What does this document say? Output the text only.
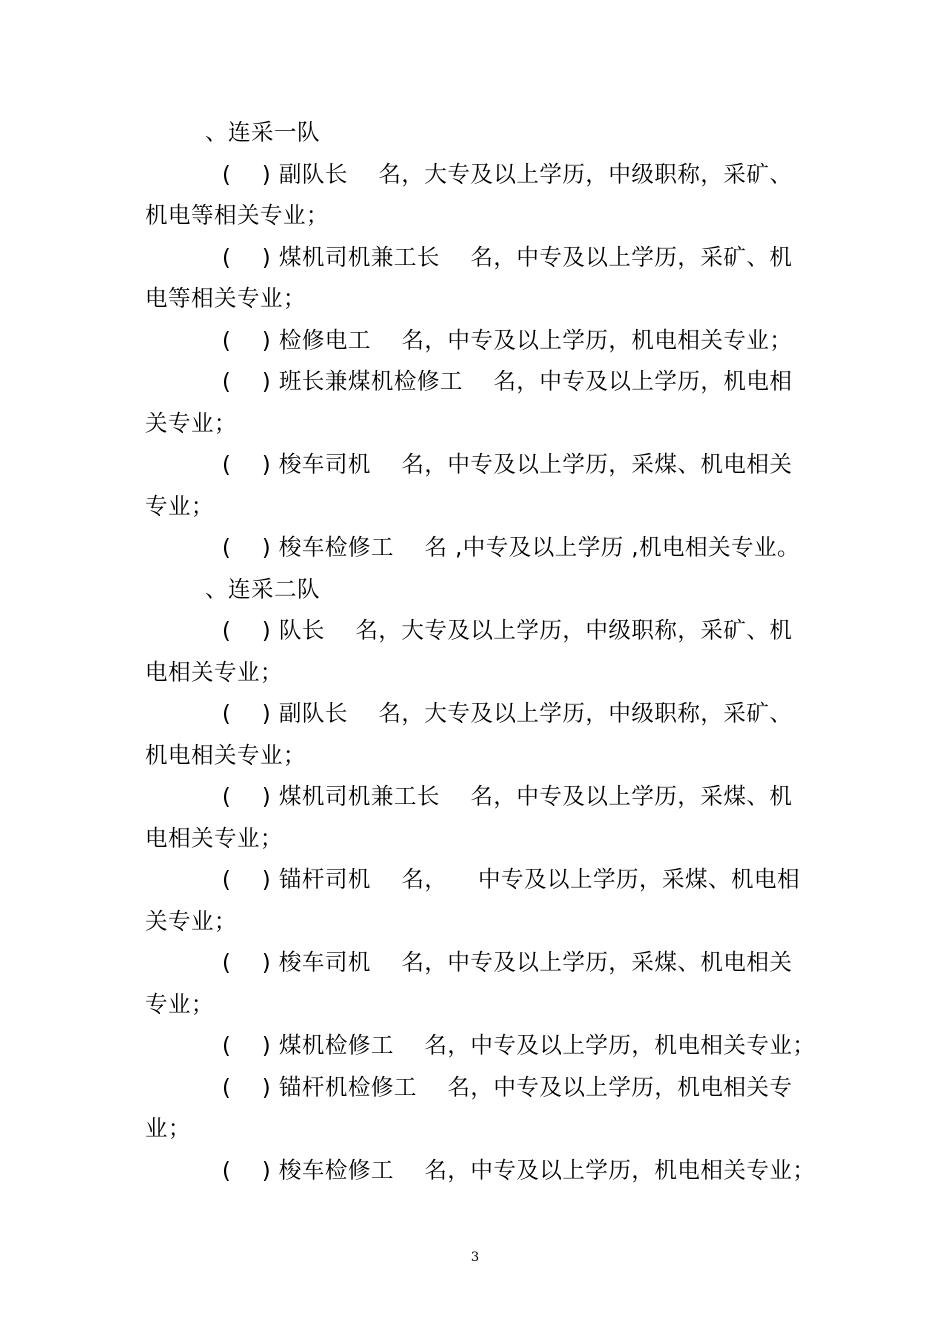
、连采一队
(    ) 副队长    名，大专及以上学历，中级职称，采矿、
机电等相关专业；
(    ) 煤机司机兼工长    名，中专及以上学历，采矿、机
电等相关专业；
(    ) 检修电工    名，中专及以上学历，机电相关专业；
(    ) 班长兼煤机检修工    名，中专及以上学历，机电相
关专业；
(    ) 梭车司机    名，中专及以上学历，采煤、机电相关
专业；
(    ) 梭车检修工    名 ,中专及以上学历 ,机电相关专业。
、连采二队
(    ) 队长    名，大专及以上学历，中级职称，采矿、机
电相关专业；
(    ) 副队长    名，大专及以上学历，中级职称，采矿、
机电相关专业；
(    ) 煤机司机兼工长    名，中专及以上学历，采煤、机
电相关专业；
(    ) 锚杆司机    名，    中专及以上学历，采煤、机电相
关专业；
(    ) 梭车司机    名，中专及以上学历，采煤、机电相关
专业；
(    ) 煤机检修工    名，中专及以上学历，机电相关专业；
(    ) 锚杆机检修工    名，中专及以上学历，机电相关专
业；
(    ) 梭车检修工    名，中专及以上学历，机电相关专业；
3
